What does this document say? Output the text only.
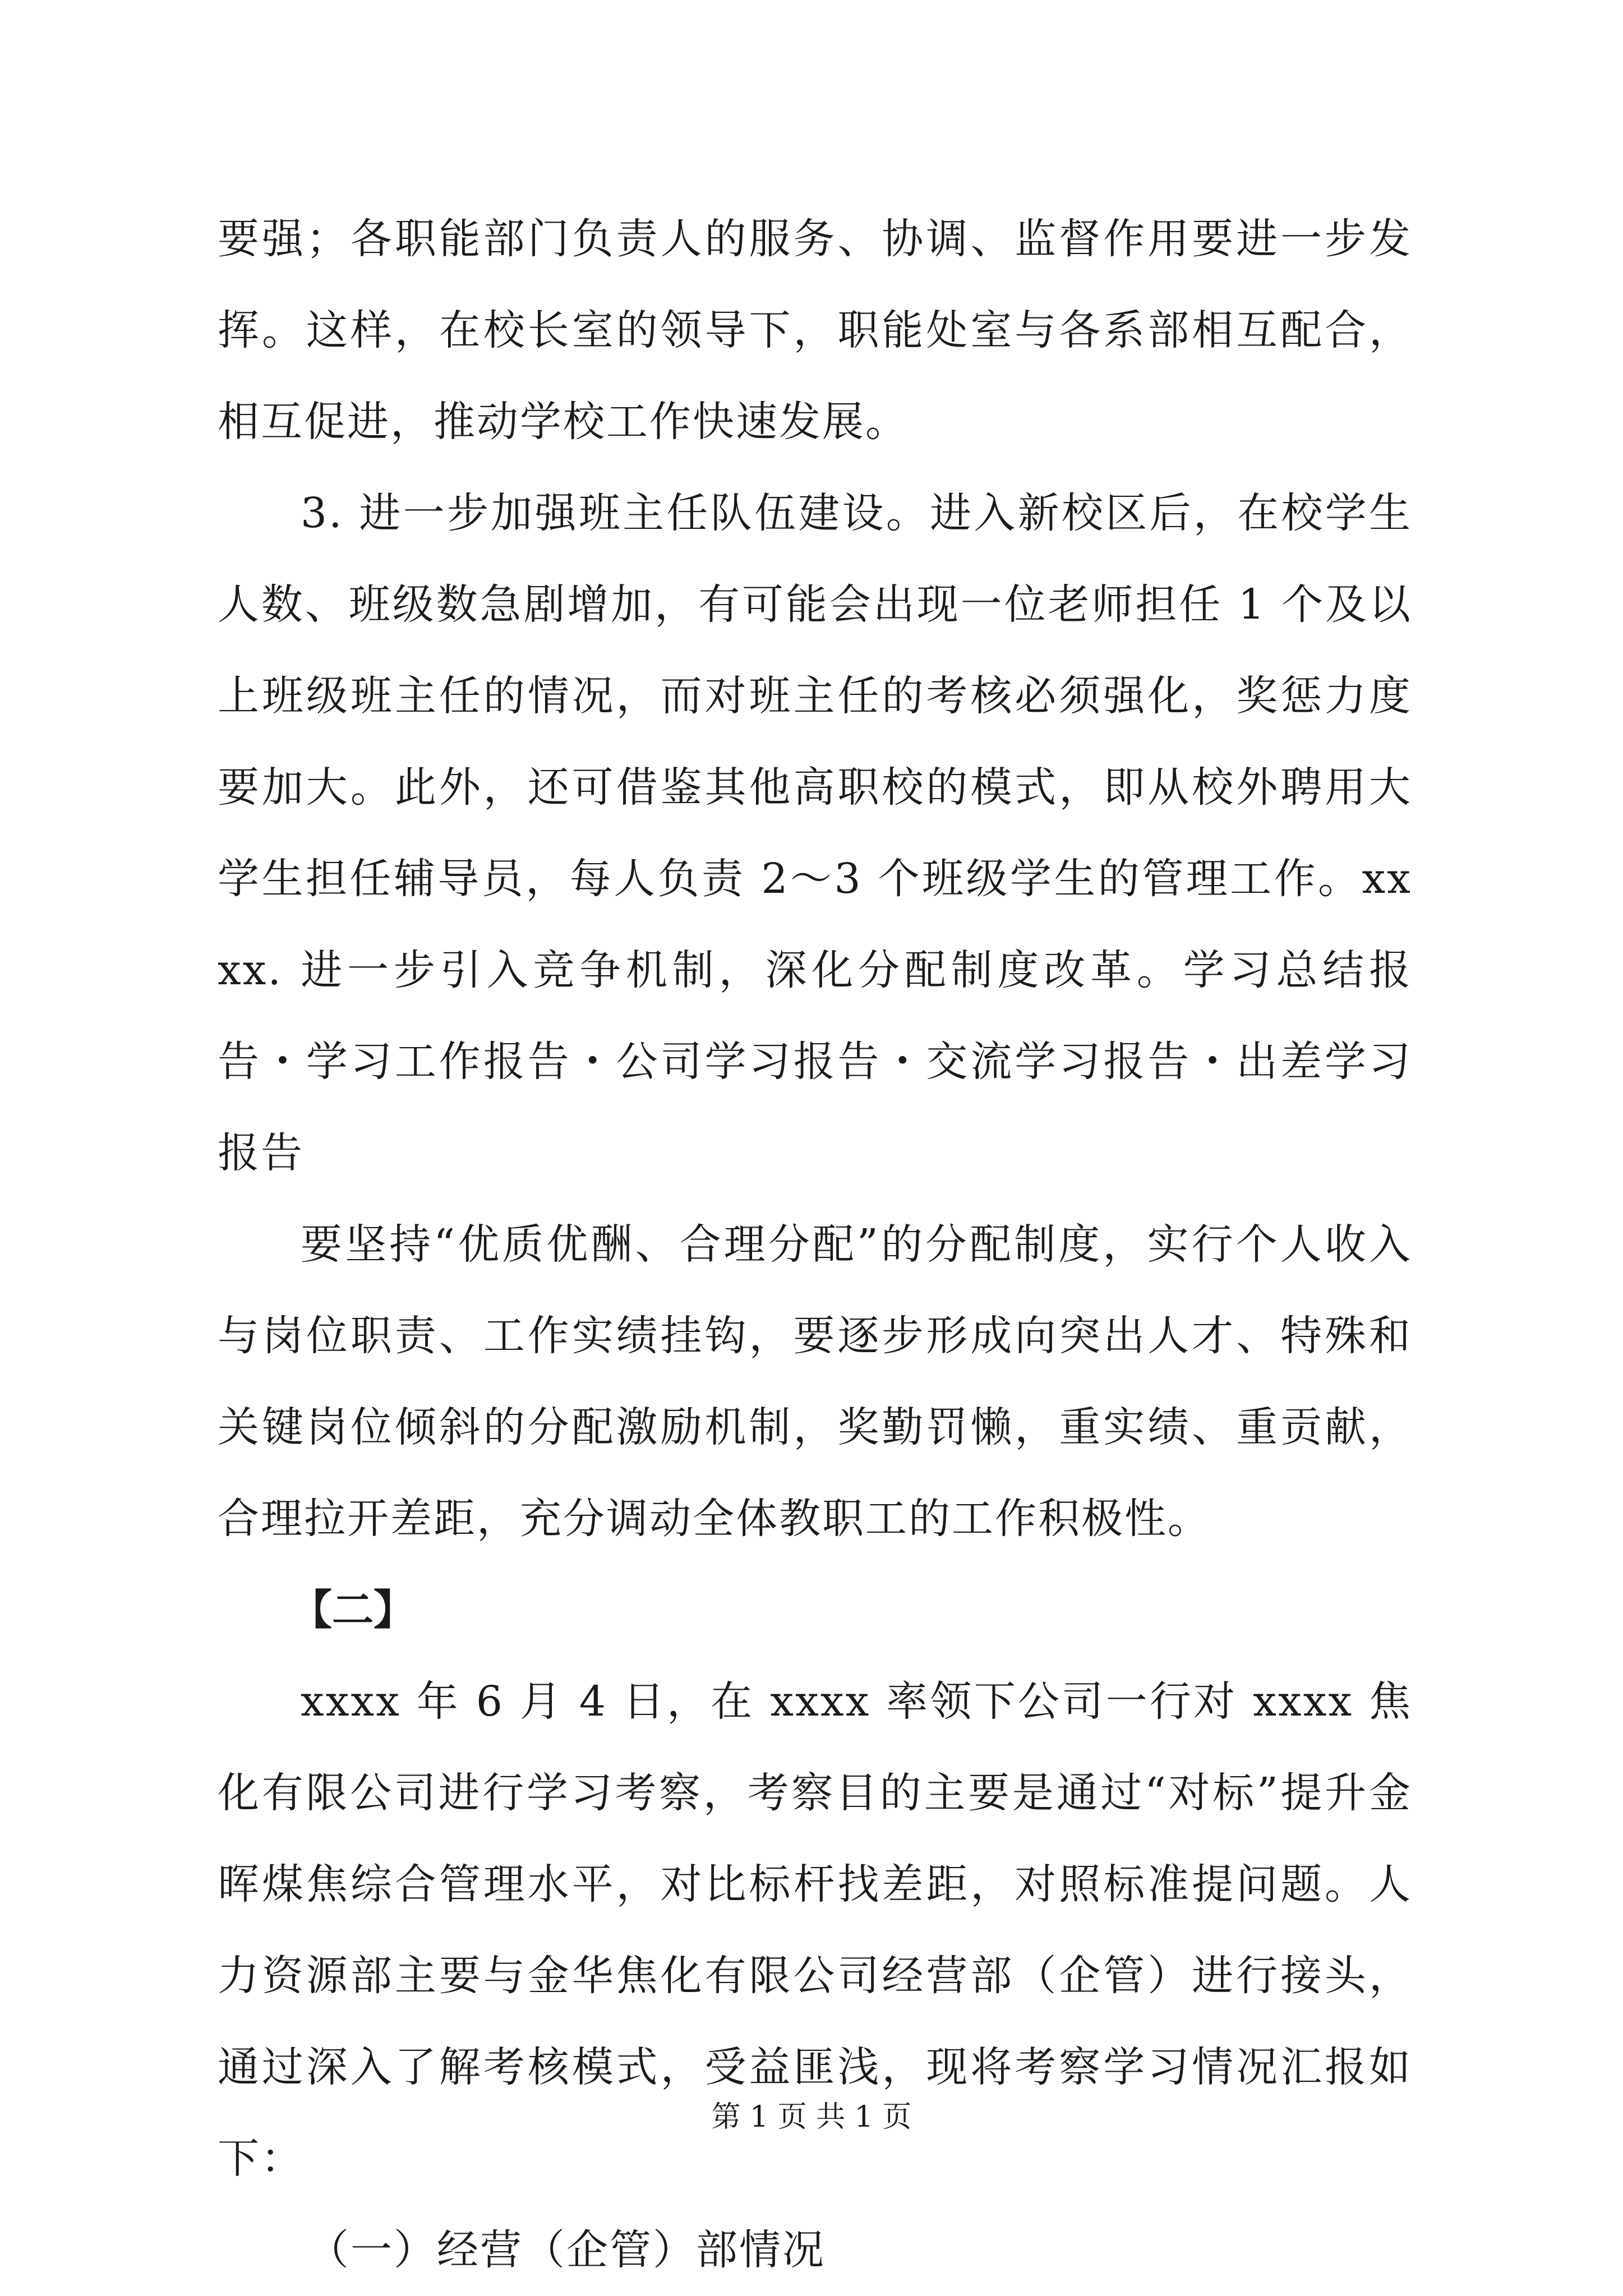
要强；各职能部门负责人的服务、协调、监督作用要进一步发挥。这样，在校长室的领导下，职能处室与各系部相互配合，相互促进，推动学校工作快速发展。

3. 进一步加强班主任队伍建设。进入新校区后，在校学生人数、班级数急剧增加，有可能会出现一位老师担任 1 个及以上班级班主任的情况，而对班主任的考核必须强化，奖惩力度要加大。此外，还可借鉴其他高职校的模式，即从校外聘用大学生担任辅导员，每人负责 2～3 个班级学生的管理工作。xxxx. 进一步引入竞争机制，深化分配制度改革。学习总结报告・学习工作报告・公司学习报告・交流学习报告・出差学习报告

要坚持“优质优酬、合理分配”的分配制度，实行个人收入与岗位职责、工作实绩挂钩，要逐步形成向突出人才、特殊和关键岗位倾斜的分配激励机制，奖勤罚懒，重实绩、重贡献，合理拉开差距，充分调动全体教职工的工作积极性。

【二】

xxxx 年 6 月 4 日，在 xxxx 率领下公司一行对 xxxx 焦化有限公司进行学习考察，考察目的主要是通过“对标”提升金晖煤焦综合管理水平，对比标杆找差距，对照标准提问题。人力资源部主要与金华焦化有限公司经营部（企管）进行接头，通过深入了解考核模式，受益匪浅，现将考察学习情况汇报如下：

（一）经营（企管）部情况

第 1 页 共 1 页
